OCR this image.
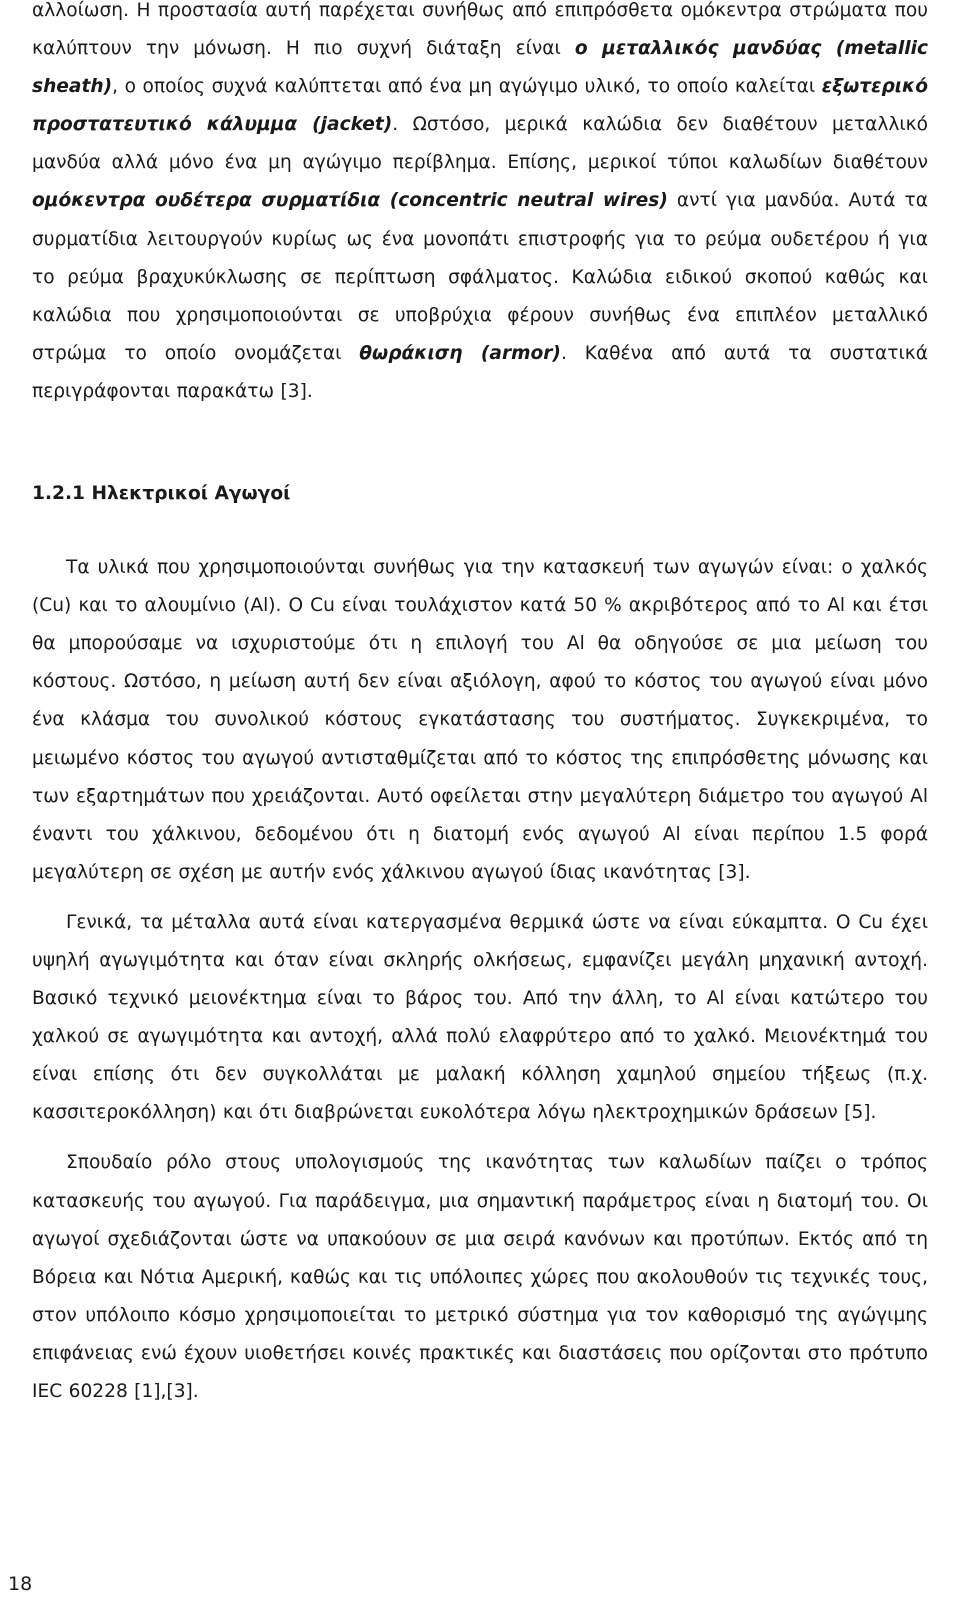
αλλοίωση. Η προστασία αυτή παρέχεται συνήθως από επιπρόσθετα ομόκεντρα στρώματα που καλύπτουν την μόνωση. Η πιο συχνή διάταξη είναι ο μεταλλικός μανδύας (metallic sheath), ο οποίος συχνά καλύπτεται από ένα μη αγώγιμο υλικό, το οποίο καλείται εξωτερικό προστατευτικό κάλυμμα (jacket). Ωστόσο, μερικά καλώδια δεν διαθέτουν μεταλλικό μανδύα αλλά μόνο ένα μη αγώγιμο περίβλημα. Επίσης, μερικοί τύποι καλωδίων διαθέτουν ομόκεντρα ουδέτερα συρματίδια (concentric neutral wires) αντί για μανδύα. Αυτά τα συρματίδια λειτουργούν κυρίως ως ένα μονοπάτι επιστροφής για το ρεύμα ουδετέρου ή για το ρεύμα βραχυκύκλωσης σε περίπτωση σφάλματος. Καλώδια ειδικού σκοπού καθώς και καλώδια που χρησιμοποιούνται σε υποβρύχια φέρουν συνήθως ένα επιπλέον μεταλλικό στρώμα το οποίο ονομάζεται θωράκιση (armor). Καθένα από αυτά τα συστατικά περιγράφονται παρακάτω [3].

1.2.1 Ηλεκτρικοί Αγωγοί

Τα υλικά που χρησιμοποιούνται συνήθως για την κατασκευή των αγωγών είναι: ο χαλκός (Cu) και το αλουμίνιο (Al). Ο Cu είναι τουλάχιστον κατά 50 % ακριβότερος από το Al και έτσι θα μπορούσαμε να ισχυριστούμε ότι η επιλογή του Al θα οδηγούσε σε μια μείωση του κόστους. Ωστόσο, η μείωση αυτή δεν είναι αξιόλογη, αφού το κόστος του αγωγού είναι μόνο ένα κλάσμα του συνολικού κόστους εγκατάστασης του συστήματος. Συγκεκριμένα, το μειωμένο κόστος του αγωγού αντισταθμίζεται από το κόστος της επιπρόσθετης μόνωσης και των εξαρτημάτων που χρειάζονται. Αυτό οφείλεται στην μεγαλύτερη διάμετρο του αγωγού Al έναντι του χάλκινου, δεδομένου ότι η διατομή ενός αγωγού Al είναι περίπου 1.5 φορά μεγαλύτερη σε σχέση με αυτήν ενός χάλκινου αγωγού ίδιας ικανότητας [3].

Γενικά, τα μέταλλα αυτά είναι κατεργασμένα θερμικά ώστε να είναι εύκαμπτα. Ο Cu έχει υψηλή αγωγιμότητα και όταν είναι σκληρής ολκήσεως, εμφανίζει μεγάλη μηχανική αντοχή. Βασικό τεχνικό μειονέκτημα είναι το βάρος του. Από την άλλη, το Al είναι κατώτερο του χαλκού σε αγωγιμότητα και αντοχή, αλλά πολύ ελαφρύτερο από το χαλκό. Μειονέκτημά του είναι επίσης ότι δεν συγκολλάται με μαλακή κόλληση χαμηλού σημείου τήξεως (π.χ. κασσιτεροκόλληση) και ότι διαβρώνεται ευκολότερα λόγω ηλεκτροχημικών δράσεων [5].

Σπουδαίο ρόλο στους υπολογισμούς της ικανότητας των καλωδίων παίζει ο τρόπος κατασκευής του αγωγού. Για παράδειγμα, μια σημαντική παράμετρος είναι η διατομή του. Οι αγωγοί σχεδιάζονται ώστε να υπακούουν σε μια σειρά κανόνων και προτύπων. Εκτός από τη Βόρεια και Νότια Αμερική, καθώς και τις υπόλοιπες χώρες που ακολουθούν τις τεχνικές τους, στον υπόλοιπο κόσμο χρησιμοποιείται το μετρικό σύστημα για τον καθορισμό της αγώγιμης επιφάνειας ενώ έχουν υιοθετήσει κοινές πρακτικές και διαστάσεις που ορίζονται στο πρότυπο IEC 60228 [1],[3].

18
